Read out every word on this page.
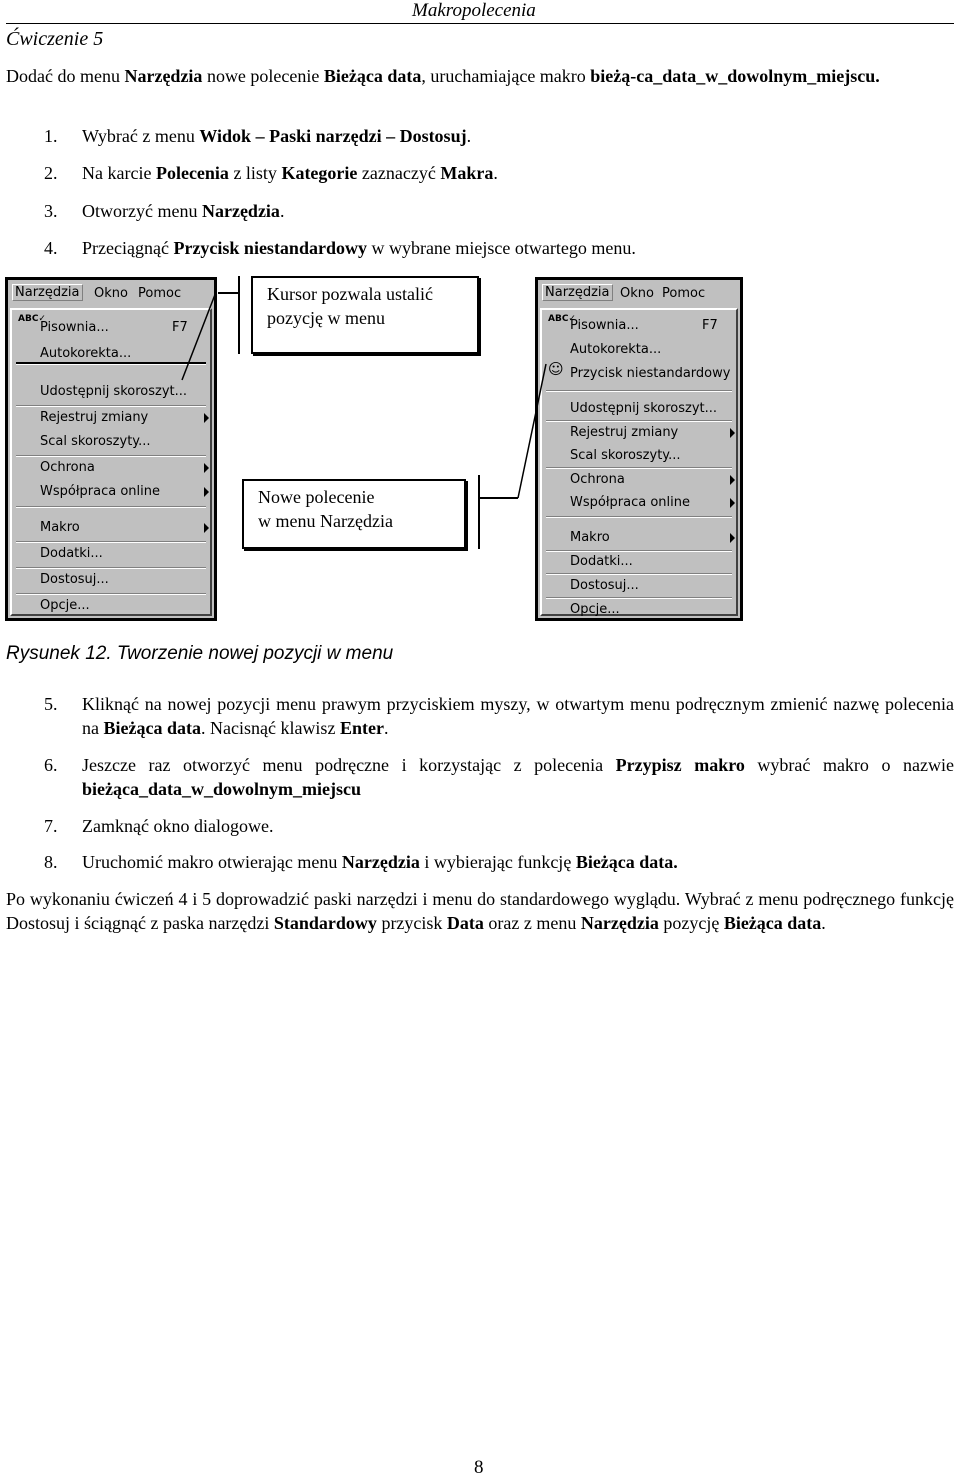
Makropolecenia
Ćwiczenie 5
Dodać do menu Narzędzia nowe polecenie Bieżąca data, uruchamiające makro bieżą-ca_data_w_dowolnym_miejscu.
1. Wybrać z menu Widok – Paski narzędzi – Dostosuj.
2. Na karcie Polecenia z listy Kategorie zaznaczyć Makra.
3. Otworzyć menu Narzędzia.
4. Przeciągnąć Przycisk niestandardowy w wybrane miejsce otwartego menu.
Narzędzia Okno Pomoc
ABC✓
Pisownia...	F7
Autokorekta...
Udostępnij skoroszyt...
Rejestruj zmiany
Scal skoroszyty...
Ochrona
Współpraca online
Makro
Dodatki...
Dostosuj...
Opcje...
Narzędzia Okno Pomoc
ABC✓
Pisownia...	F7
Autokorekta...
☺ Przycisk niestandardowy
Udostępnij skoroszyt...
Rejestruj zmiany
Scal skoroszyty...
Ochrona
Współpraca online
Makro
Dodatki...
Dostosuj...
Opcje...
Kursor pozwala ustalić
pozycję w menu
Nowe polecenie
w menu Narzędzia
Rysunek 12. Tworzenie nowej pozycji w menu
5. Kliknąć na nowej pozycji menu prawym przyciskiem myszy, w otwartym menu podręcznym zmienić nazwę polecenia na Bieżąca data. Nacisnąć klawisz Enter.
6. Jeszcze raz otworzyć menu podręczne i korzystając z polecenia Przypisz makro wybrać makro o nazwie bieżąca_data_w_dowolnym_miejscu
7. Zamknąć okno dialogowe.
8. Uruchomić makro otwierając menu Narzędzia i wybierając funkcję Bieżąca data.
Po wykonaniu ćwiczeń 4 i 5 doprowadzić paski narzędzi i menu do standardowego wyglądu. Wybrać z menu podręcznego funkcję Dostosuj i ściągnąć z paska narzędzi Standardowy przycisk Data oraz z menu Narzędzia pozycję Bieżąca data.
8
